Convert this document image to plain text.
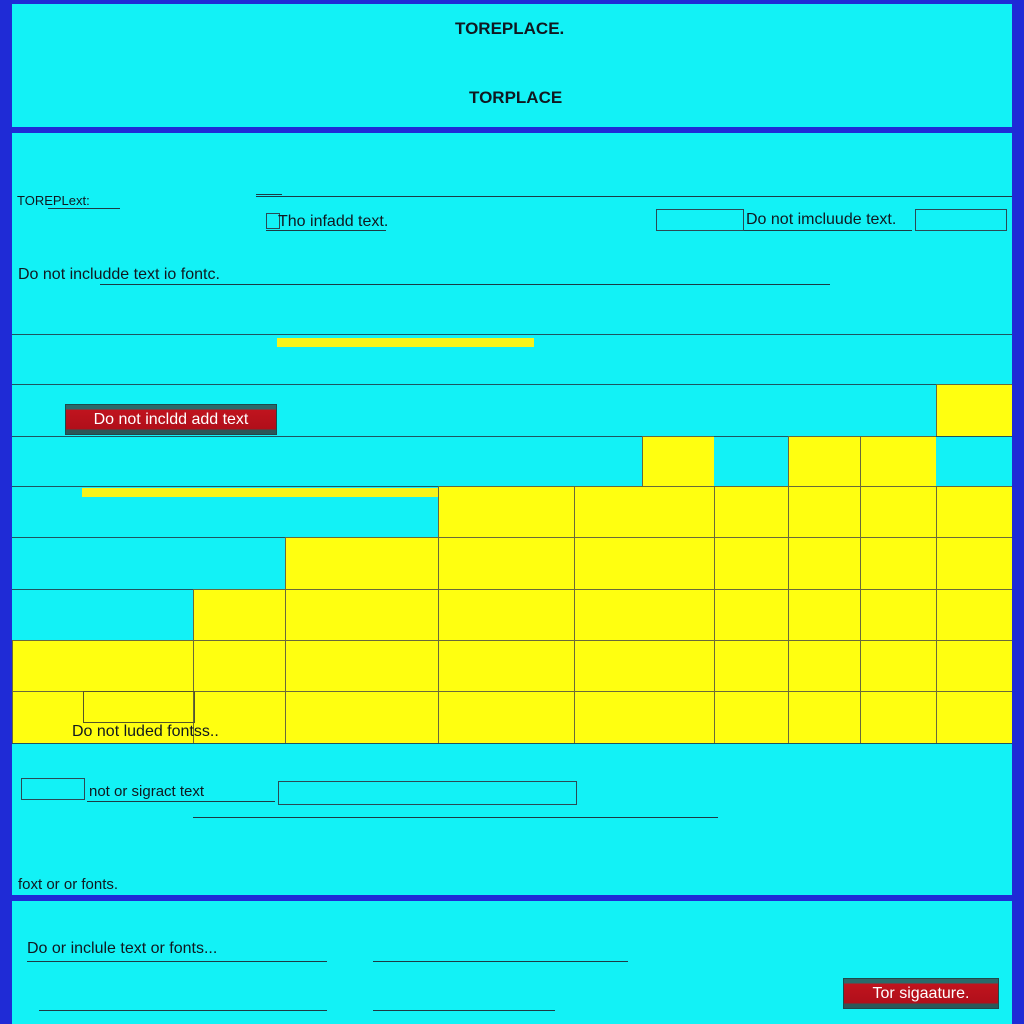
TOREPLACE.
TORPLACE
TOREPLext:
Tho infadd text.	Do not imcluude text.
Do not includde text io fontc.
Do not incldd add text
Do not luded fontss..
not or sigract text
foxt or or fonts.
Do or inclule text or fonts...
Tor sigaature.
